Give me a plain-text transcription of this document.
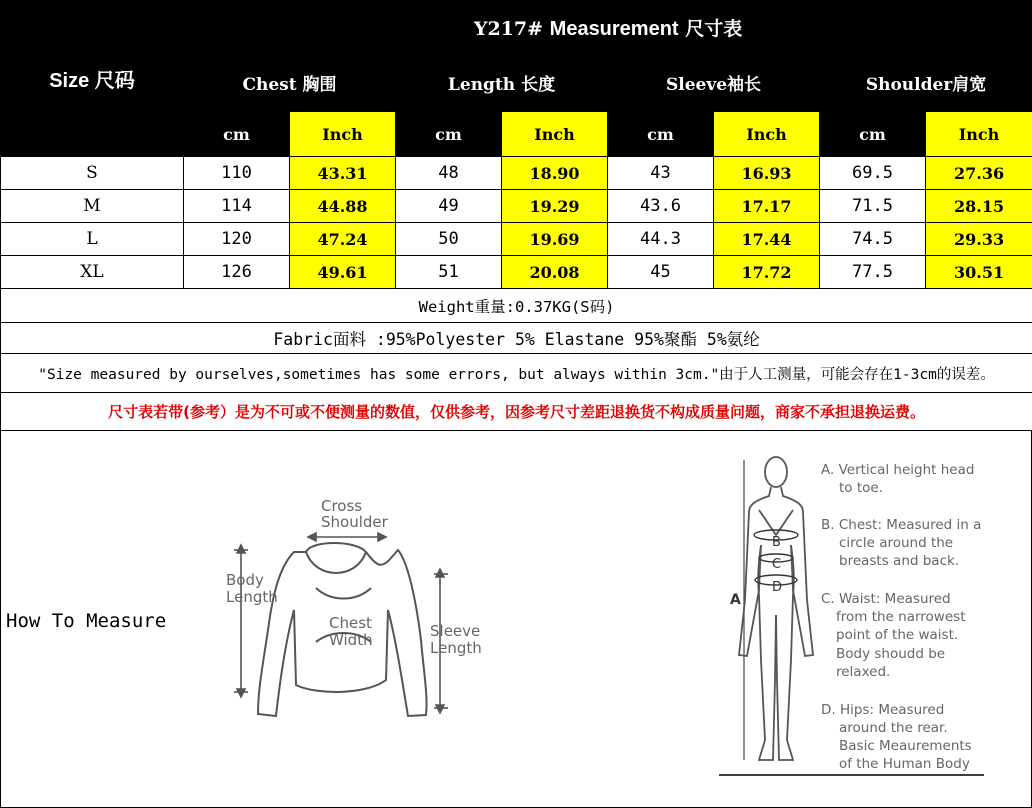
Size 尺码	Y217# Measurement 尺寸表							
	Chest 胸围		Length 长度		Sleeve袖长		Shoulder肩宽	
	cm	Inch	cm	Inch	cm	Inch	cm	Inch
S	110	43.31	48	18.90	43	16.93	69.5	27.36
M	114	44.88	49	19.29	43.6	17.17	71.5	28.15
L	120	47.24	50	19.69	44.3	17.44	74.5	29.33
XL	126	49.61	51	20.08	45	17.72	77.5	30.51
Weight重量:0.37KG(S码)								
Fabric面料 :95%Polyester 5% Elastane 95%聚酯 5%氨纶								
"Size measured by ourselves,sometimes has some errors, but always within 3cm."由于人工测量，可能会存在1-3cm的误差。								
尺寸表若带(参考）是为不可或不便测量的数值，仅供参考，因参考尺寸差距退换货不构成质量问题，商家不承担退换运费。								
How To Measure
Cross
Shoulder
Body
Length
Chest
Width	Sleeve
Length
A
B
C
D
A. Vertical height head
to toe.
B. Chest: Measured in a
circle around the
breasts and back.
C. Waist: Measured
from the narrowest
point of the waist.
Body shoudd be
relaxed.
D. Hips: Measured
around the rear.
Basic Meaurements
of the Human Body
